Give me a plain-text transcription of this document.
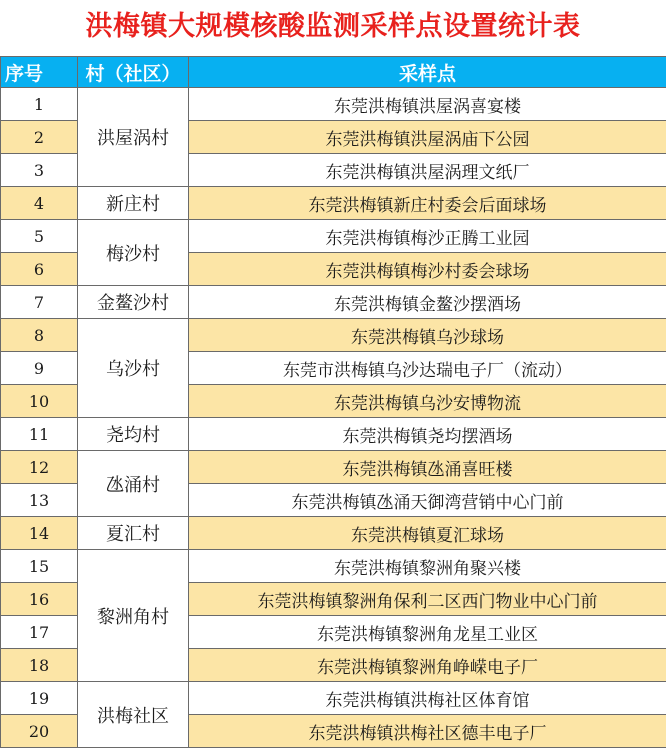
洪梅镇大规模核酸监测采样点设置统计表
序号	村（社区）	采样点
1	洪屋涡村	东莞洪梅镇洪屋涡喜宴楼
2		东莞洪梅镇洪屋涡庙下公园
3		东莞洪梅镇洪屋涡理文纸厂
4	新庄村	东莞洪梅镇新庄村委会后面球场
5	梅沙村	东莞洪梅镇梅沙正腾工业园
6		东莞洪梅镇梅沙村委会球场
7	金鳌沙村	东莞洪梅镇金鳌沙摆酒场
8	乌沙村	东莞洪梅镇乌沙球场
9		东莞市洪梅镇乌沙达瑞电子厂（流动）
10		东莞洪梅镇乌沙安博物流
11	尧均村	东莞洪梅镇尧均摆酒场
12	氹涌村	东莞洪梅镇氹涌喜旺楼
13		东莞洪梅镇氹涌天御湾营销中心门前
14	夏汇村	东莞洪梅镇夏汇球场
15	黎洲角村	东莞洪梅镇黎洲角聚兴楼
16		东莞洪梅镇黎洲角保利二区西门物业中心门前
17		东莞洪梅镇黎洲角龙星工业区
18		东莞洪梅镇黎洲角峥嵘电子厂
19	洪梅社区	东莞洪梅镇洪梅社区体育馆
20		东莞洪梅镇洪梅社区德丰电子厂
